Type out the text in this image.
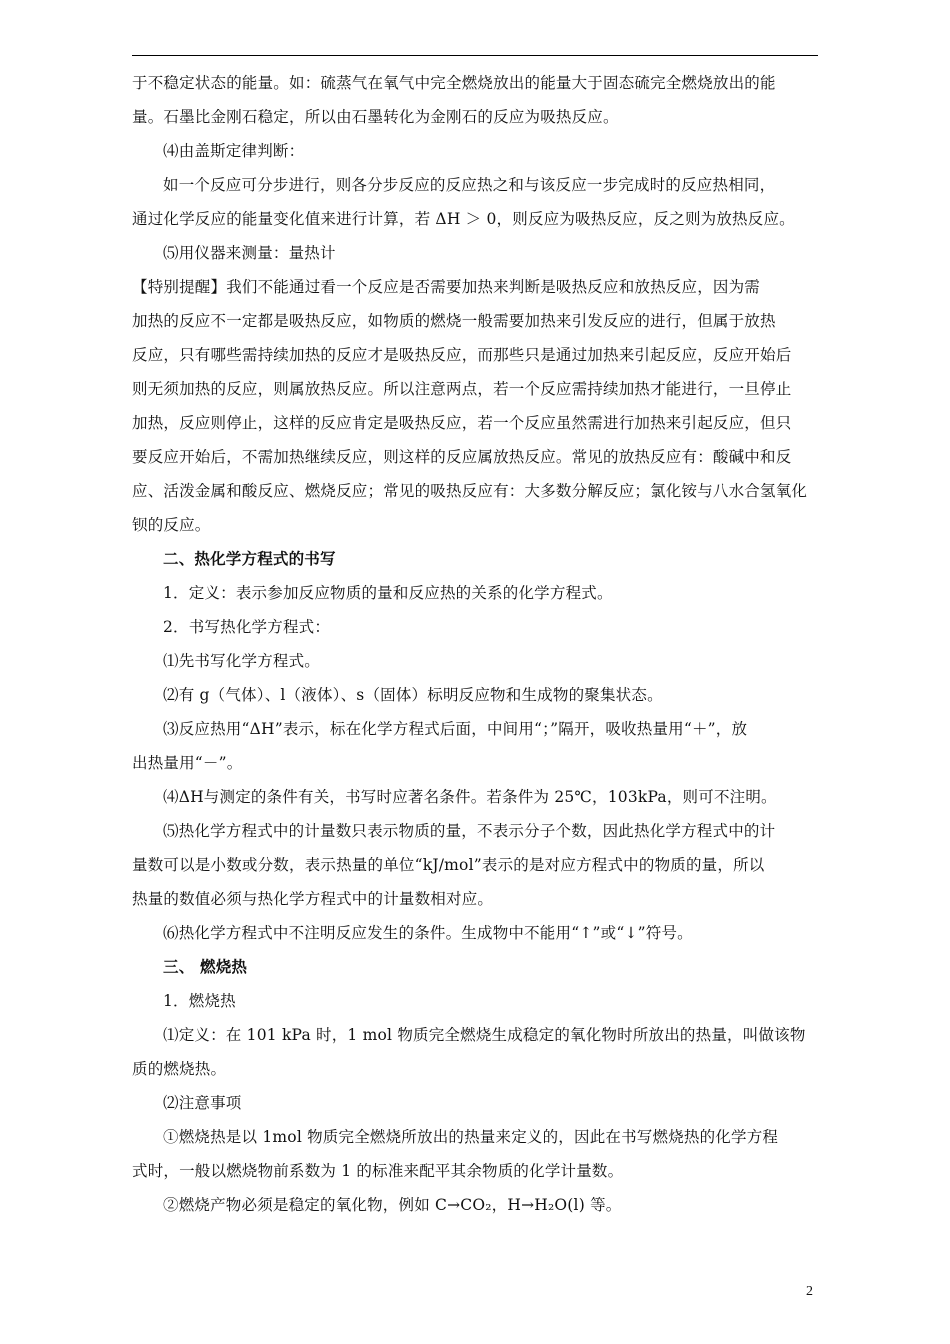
于不稳定状态的能量。如：硫蒸气在氧气中完全燃烧放出的能量大于固态硫完全燃烧放出的能
量。石墨比金刚石稳定，所以由石墨转化为金刚石的反应为吸热反应。
⑷由盖斯定律判断：
如一个反应可分步进行，则各分步反应的反应热之和与该反应一步完成时的反应热相同，
通过化学反应的能量变化值来进行计算，若 ΔH ＞ 0，则反应为吸热反应，反之则为放热反应。
⑸用仪器来测量：量热计
【特别提醒】我们不能通过看一个反应是否需要加热来判断是吸热反应和放热反应，因为需
加热的反应不一定都是吸热反应，如物质的燃烧一般需要加热来引发反应的进行，但属于放热
反应，只有哪些需持续加热的反应才是吸热反应，而那些只是通过加热来引起反应，反应开始后
则无须加热的反应，则属放热反应。所以注意两点，若一个反应需持续加热才能进行，一旦停止
加热，反应则停止，这样的反应肯定是吸热反应，若一个反应虽然需进行加热来引起反应，但只
要反应开始后，不需加热继续反应，则这样的反应属放热反应。常见的放热反应有：酸碱中和反
应、活泼金属和酸反应、燃烧反应；常见的吸热反应有：大多数分解反应；氯化铵与八水合氢氧化
钡的反应。
二、热化学方程式的书写
1．定义：表示参加反应物质的量和反应热的关系的化学方程式。
2．书写热化学方程式：
⑴先书写化学方程式。
⑵有 g（气体）、l（液体）、s（固体）标明反应物和生成物的聚集状态。
⑶反应热用“ΔH”表示，标在化学方程式后面，中间用“；”隔开，吸收热量用“＋”，放
出热量用“－”。
⑷ΔH与测定的条件有关，书写时应著名条件。若条件为 25℃，103kPa，则可不注明。
⑸热化学方程式中的计量数只表示物质的量，不表示分子个数，因此热化学方程式中的计
量数可以是小数或分数，表示热量的单位“kJ/mol”表示的是对应方程式中的物质的量，所以
热量的数值必须与热化学方程式中的计量数相对应。
⑹热化学方程式中不注明反应发生的条件。生成物中不能用“↑”或“↓”符号。
三、 燃烧热
1．燃烧热
⑴定义：在 101 kPa 时，1 mol 物质完全燃烧生成稳定的氧化物时所放出的热量，叫做该物
质的燃烧热。
⑵注意事项
①燃烧热是以 1mol 物质完全燃烧所放出的热量来定义的，因此在书写燃烧热的化学方程
式时，一般以燃烧物前系数为 1 的标准来配平其余物质的化学计量数。
②燃烧产物必须是稳定的氧化物，例如 C→CO₂，H→H₂O(l) 等。
2
